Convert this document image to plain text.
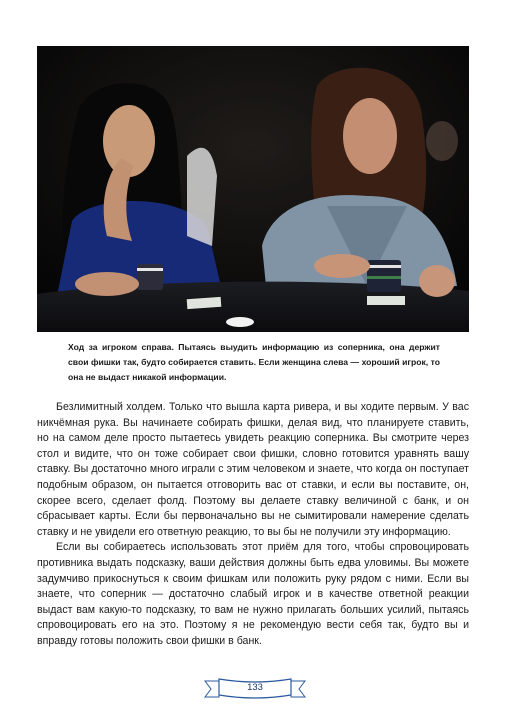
Ход за игроком справа. Пытаясь выудить информацию из соперника, она держит свои фишки так, будто собирается ставить. Если женщина слева — хороший игрок, то она не выдаст никакой информации.

Безлимитный холдем. Только что вышла карта ривера, и вы ходите первым. У вас никчёмная рука. Вы начинаете собирать фишки, делая вид, что планируете ставить, но на самом деле просто пытаетесь увидеть реакцию соперника. Вы смотрите через стол и видите, что он тоже собирает свои фишки, словно готовится уравнять вашу ставку. Вы достаточно много играли с этим человеком и знаете, что когда он поступает подобным образом, он пытается отговорить вас от ставки, и если вы поставите, он, скорее всего, сделает фолд. Поэтому вы делаете ставку величиной с банк, и он сбрасывает карты. Если бы первоначально вы не сымитировали намерение сделать ставку и не увидели его ответную реакцию, то вы бы не получили эту информацию.

Если вы собираетесь использовать этот приём для того, чтобы спровоцировать противника выдать подсказку, ваши действия должны быть едва уловимы. Вы можете задумчиво прикоснуться к своим фишкам или положить руку рядом с ними. Если вы знаете, что соперник — достаточно слабый игрок и в качестве ответной реакции выдаст вам какую-то подсказку, то вам не нужно прилагать больших усилий, пытаясь спровоцировать его на это. Поэтому я не рекомендую вести себя так, будто вы и вправду готовы положить свои фишки в банк.

133
